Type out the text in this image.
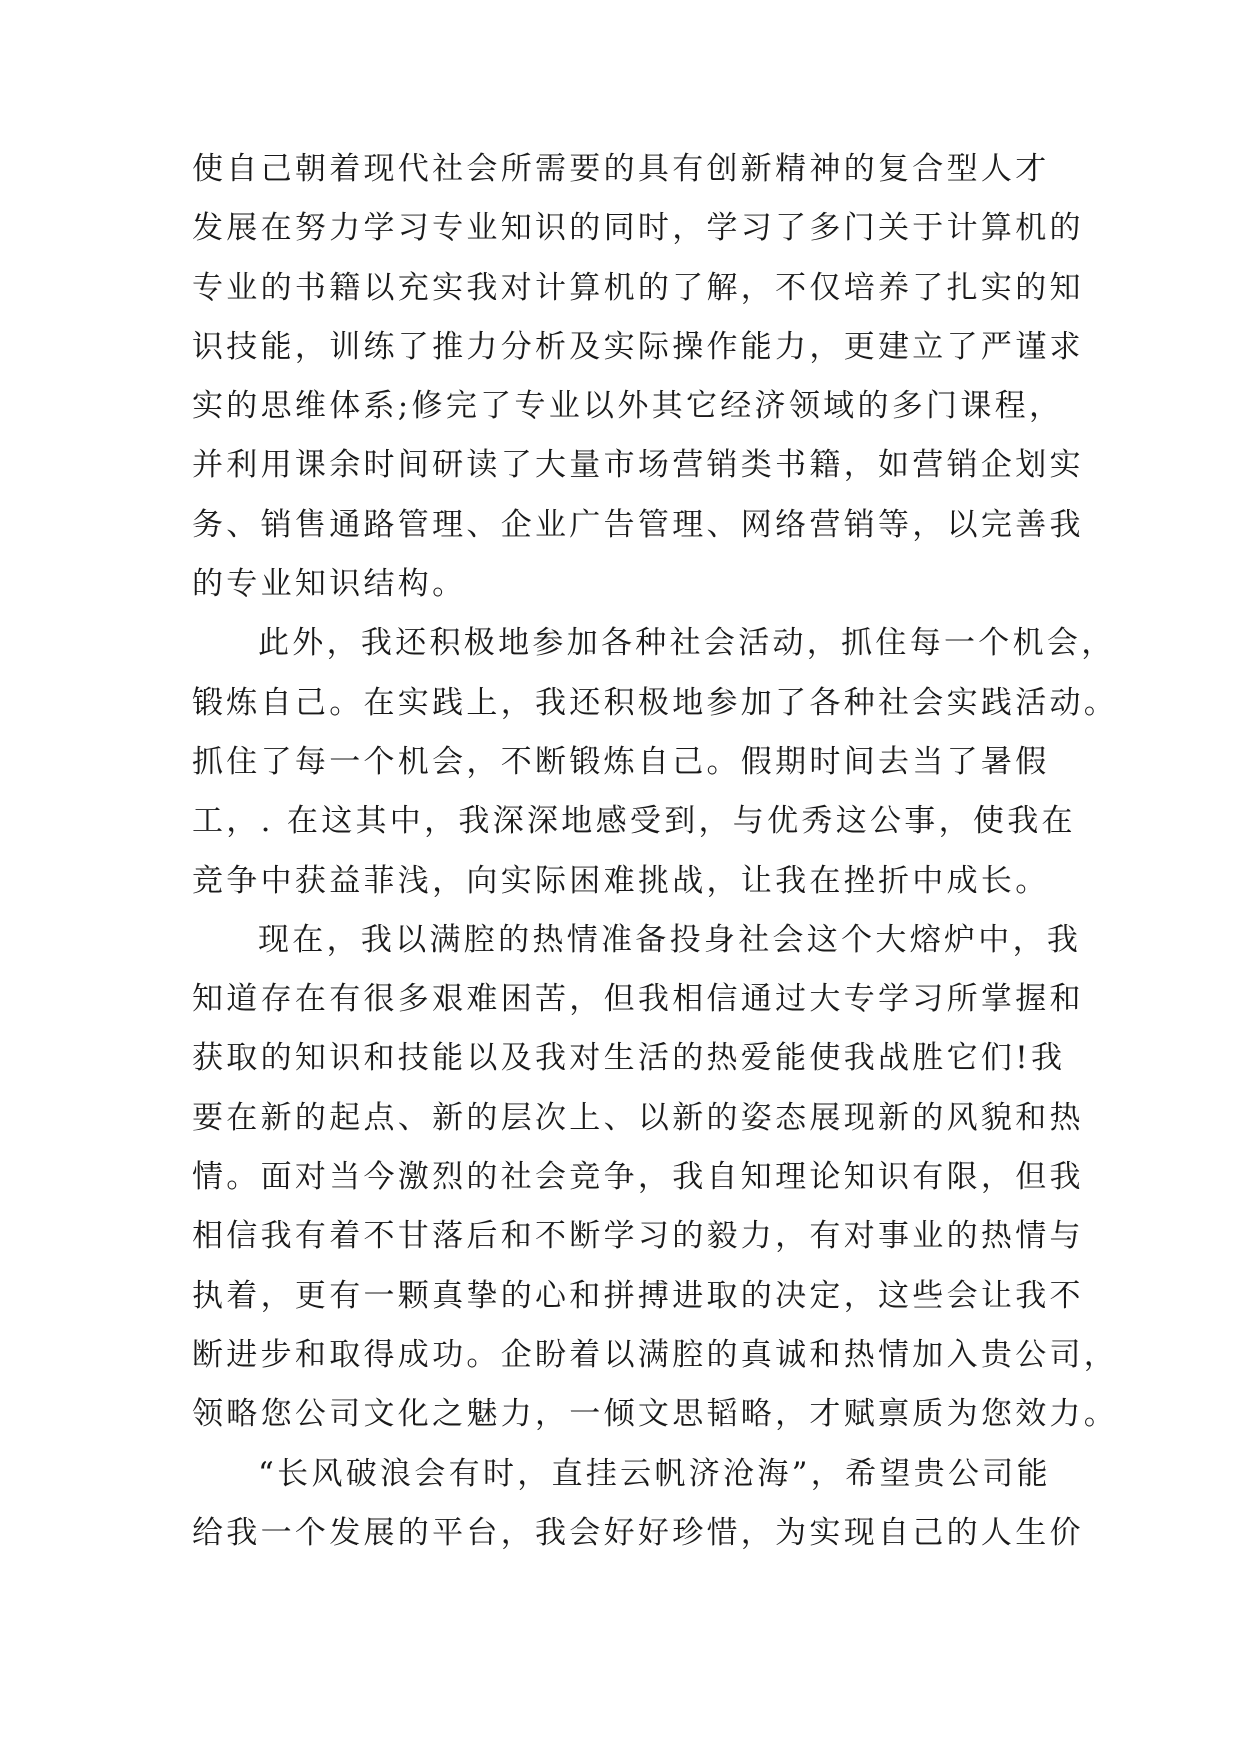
使自己朝着现代社会所需要的具有创新精神的复合型人才
发展在努力学习专业知识的同时，学习了多门关于计算机的
专业的书籍以充实我对计算机的了解，不仅培养了扎实的知
识技能，训练了推力分析及实际操作能力，更建立了严谨求
实的思维体系;修完了专业以外其它经济领域的多门课程，
并利用课余时间研读了大量市场营销类书籍，如营销企划实
务、销售通路管理、企业广告管理、网络营销等，以完善我
的专业知识结构。
此外，我还积极地参加各种社会活动，抓住每一个机会，
锻炼自己。在实践上，我还积极地参加了各种社会实践活动。
抓住了每一个机会，不断锻炼自己。假期时间去当了暑假
工，. 在这其中，我深深地感受到，与优秀这公事，使我在
竞争中获益菲浅，向实际困难挑战，让我在挫折中成长。
现在，我以满腔的热情准备投身社会这个大熔炉中，我
知道存在有很多艰难困苦，但我相信通过大专学习所掌握和
获取的知识和技能以及我对生活的热爱能使我战胜它们!我
要在新的起点、新的层次上、以新的姿态展现新的风貌和热
情。面对当今激烈的社会竞争，我自知理论知识有限，但我
相信我有着不甘落后和不断学习的毅力，有对事业的热情与
执着，更有一颗真挚的心和拼搏进取的决定，这些会让我不
断进步和取得成功。企盼着以满腔的真诚和热情加入贵公司，
领略您公司文化之魅力，一倾文思韬略，才赋禀质为您效力。
“长风破浪会有时，直挂云帆济沧海”，希望贵公司能
给我一个发展的平台，我会好好珍惜，为实现自己的人生价
